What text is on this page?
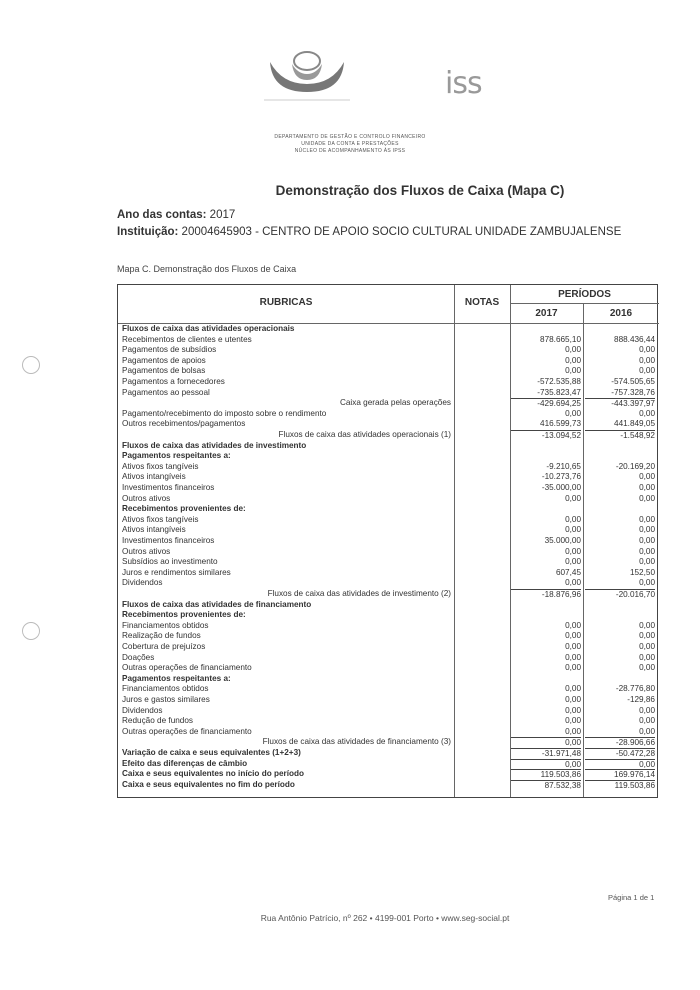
iss
DEPARTAMENTO DE GESTÃO E CONTROLO FINANCEIRO
UNIDADE DA CONTA E PRESTAÇÕES
NÚCLEO DE ACOMPANHAMENTO ÀS IPSS
Demonstração dos Fluxos de Caixa (Mapa C)
Ano das contas: 2017
Instituição: 20004645903 - CENTRO DE APOIO SOCIO CULTURAL UNIDADE ZAMBUJALENSE
Mapa C. Demonstração dos Fluxos de Caixa
RUBRICAS	NOTAS
PERÍODOS
2017	2016
Fluxos de caixa das atividades operacionais
Recebimentos de clientes e utentes	878.665,10	888.436,44
Pagamentos de subsídios	0,00	0,00
Pagamentos de apoios	0,00	0,00
Pagamentos de bolsas	0,00	0,00
Pagamentos a fornecedores	-572.535,88	-574.505,65
Pagamentos ao pessoal	-735.823,47	-757.328,76
Caixa gerada pelas operações	-429.694,25	-443.397,97
Pagamento/recebimento do imposto sobre o rendimento	0,00	0,00
Outros recebimentos/pagamentos	416.599,73	441.849,05
Fluxos de caixa das atividades operacionais (1)	-13.094,52	-1.548,92
Fluxos de caixa das atividades de investimento
Pagamentos respeitantes a:
Ativos fixos tangíveis	-9.210,65	-20.169,20
Ativos intangíveis	-10.273,76	0,00
Investimentos financeiros	-35.000,00	0,00
Outros ativos	0,00	0,00
Recebimentos provenientes de:
Ativos fixos tangíveis	0,00	0,00
Ativos intangíveis	0,00	0,00
Investimentos financeiros	35.000,00	0,00
Outros ativos	0,00	0,00
Subsídios ao investimento	0,00	0,00
Juros e rendimentos similares	607,45	152,50
Dividendos	0,00	0,00
Fluxos de caixa das atividades de investimento (2)	-18.876,96	-20.016,70
Fluxos de caixa das atividades de financiamento
Recebimentos provenientes de:
Financiamentos obtidos	0,00	0,00
Realização de fundos	0,00	0,00
Cobertura de prejuízos	0,00	0,00
Doações	0,00	0,00
Outras operações de financiamento	0,00	0,00
Pagamentos respeitantes a:
Financiamentos obtidos	0,00	-28.776,80
Juros e gastos similares	0,00	-129,86
Dividendos	0,00	0,00
Redução de fundos	0,00	0,00
Outras operações de financiamento	0,00	0,00
Fluxos de caixa das atividades de financiamento (3)	0,00	-28.906,66
Variação de caixa e seus equivalentes (1+2+3)	-31.971,48	-50.472,28
Efeito das diferenças de câmbio	0,00	0,00
Caixa e seus equivalentes no início do período	119.503,86	169.976,14
Caixa e seus equivalentes no fim do período	87.532,38	119.503,86
Página 1 de 1
Rua Antônio Patrício, nº 262 • 4199-001 Porto • www.seg-social.pt
